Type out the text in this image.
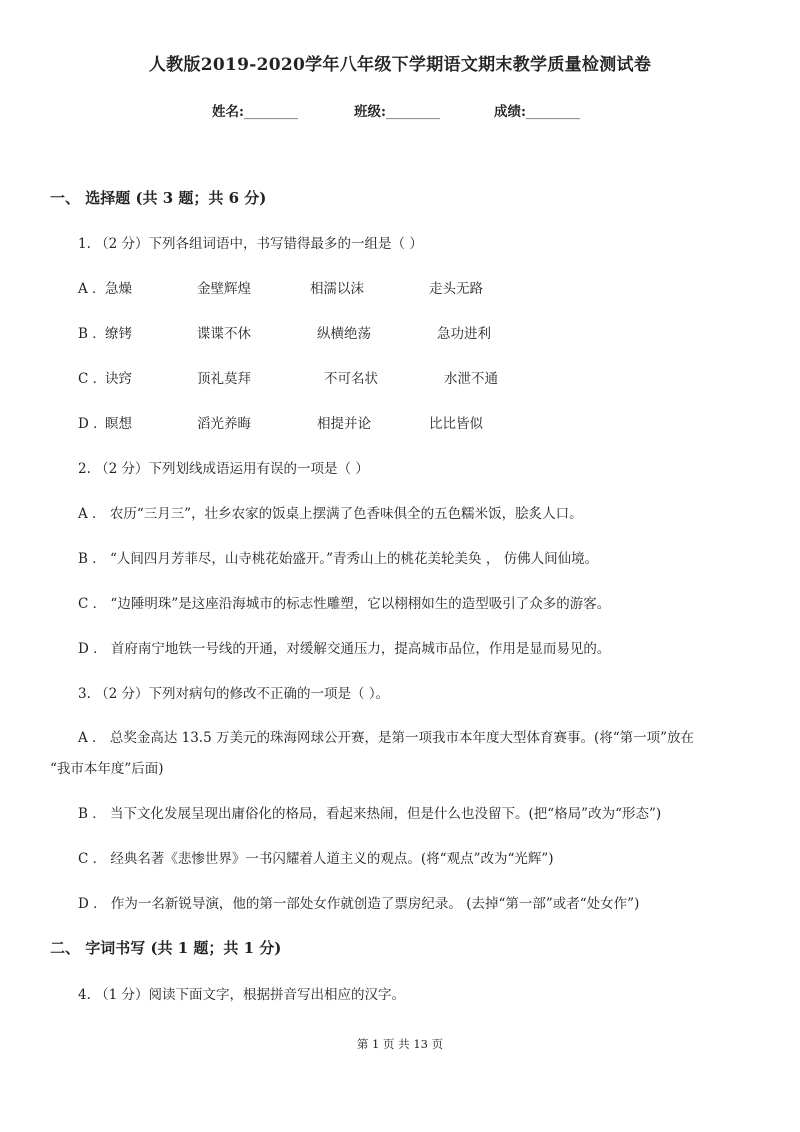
人教版2019-2020学年八年级下学期语文期末教学质量检测试卷
姓名:________	班级:________	成绩:________
一、 选择题 (共 3 题；共 6 分)
1. （2 分）下列各组词语中，书写错得最多的一组是（ ）
A ． 急燥	金壁辉煌	相濡以沫	走头无路
B ． 缭铐	谍谍不休	纵横绝荡	急功进利
C ．
诀窍	顶礼莫拜	不可名状	水泄不通
D ．
瞑想	滔光养晦	相提并论	比比皆似
2. （2 分）下列划线成语运用有误的一项是（ ）
A ． 农历“三月三”，壮乡农家的饭桌上摆满了色香味俱全的五色糯米饭，脍炙人口。
B ． “人间四月芳菲尽，山寺桃花始盛开。”青秀山上的桃花美轮美奂 ， 仿佛人间仙境。
C ． “边陲明珠”是这座沿海城市的标志性雕塑，它以栩栩如生的造型吸引了众多的游客。
D ． 首府南宁地铁一号线的开通，对缓解交通压力，提高城市品位，作用是显而易见的。
3. （2 分）下列对病句的修改不正确的一项是（ ）。
A ． 总奖金高达 13.5 万美元的珠海网球公开赛，是第一项我市本年度大型体育赛事。(将“第一项”放在
“我市本年度”后面)
B ． 当下文化发展呈现出庸俗化的格局，看起来热闹，但是什么也没留下。(把“格局”改为“形态”)
C ． 经典名著《悲惨世界》一书闪耀着人道主义的观点。(将“观点”改为“光辉”)
D ． 作为一名新锐导演，他的第一部处女作就创造了票房纪录。 (去掉“第一部”或者“处女作”)
二、 字词书写 (共 1 题；共 1 分)
4. （1 分）阅读下面文字，根据拼音写出相应的汉字。
第 1 页 共 13 页
